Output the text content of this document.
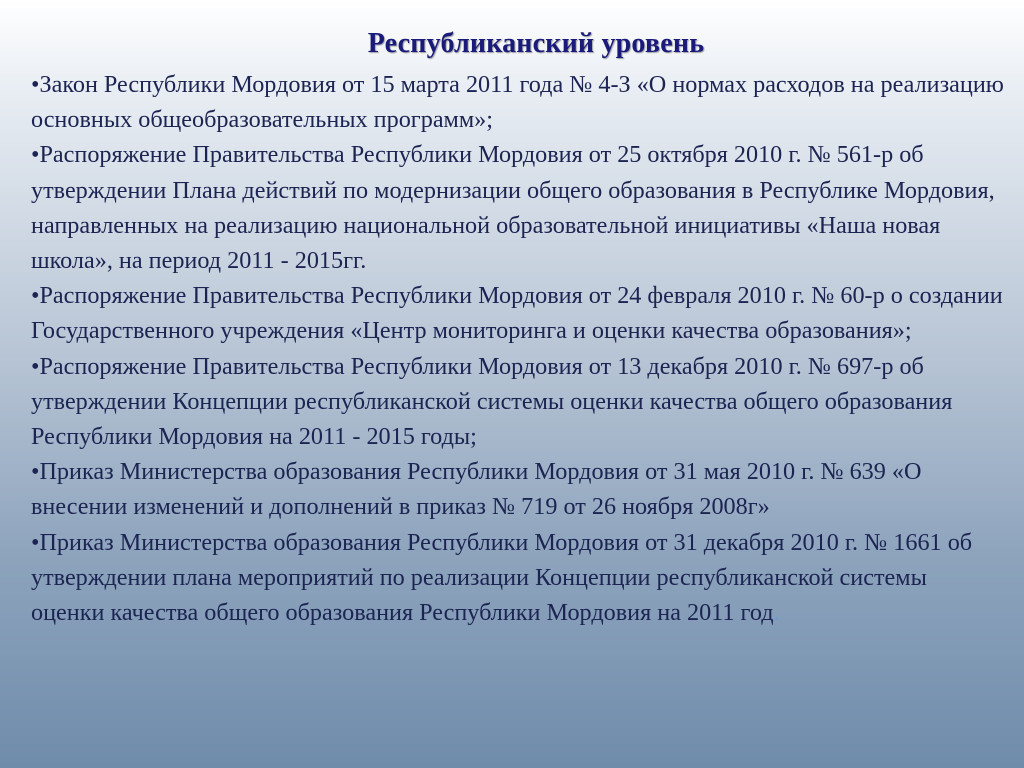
Республиканский уровень
•Закон Республики Мордовия от 15 марта 2011 года № 4-З «О нормах расходов на реализацию основных общеобразовательных программ»;
•Распоряжение Правительства Республики Мордовия от 25 октября 2010 г. № 561-р об утверждении Плана действий по модернизации общего образования в Республике Мордовия, направленных на реализацию национальной образовательной инициативы «Наша новая школа», на период 2011 - 2015гг.
•Распоряжение Правительства Республики Мордовия от 24 февраля 2010 г. № 60-р о создании Государственного учреждения «Центр мониторинга и оценки качества образования»;
•Распоряжение Правительства Республики Мордовия от 13 декабря 2010 г. № 697-р об утверждении Концепции республиканской системы оценки качества общего образования Республики Мордовия на 2011 - 2015 годы;
•Приказ Министерства образования Республики Мордовия от 31 мая 2010 г. № 639 «О внесении изменений и дополнений в приказ № 719 от 26 ноября 2008г»
•Приказ Министерства образования Республики Мордовия от 31 декабря 2010 г. № 1661 об утверждении плана мероприятий по реализации Концепции республиканской системы оценки качества общего образования Республики Мордовия на 2011 год.
